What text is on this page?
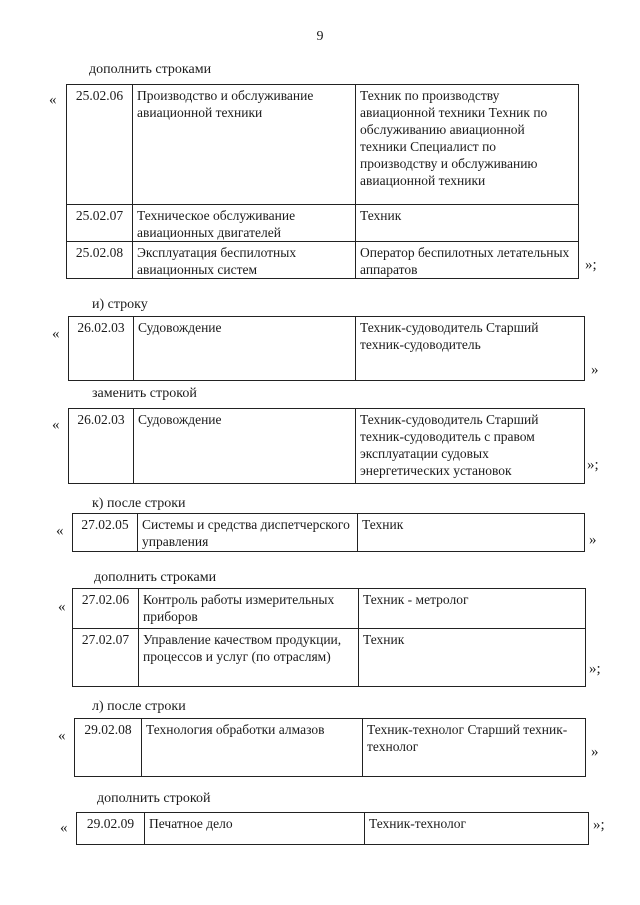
9
дополнить строками
« 25.02.06	Производство и обслуживание авиационной техники	Техник по производству авиационной техники Техник по обслуживанию авиационной техники Специалист по производству и обслуживанию авиационной техники
25.02.07	Техническое обслуживание авиационных двигателей	Техник
25.02.08	Эксплуатация беспилотных авиационных систем	Оператор беспилотных летательных аппаратов	»;
и) строку
« 26.02.03	Судовождение	Техник-судоводитель Старший техник-судоводитель
»
заменить строкой
« 26.02.03	Судовождение	Техник-судоводитель Старший техник-судоводитель с правом эксплуатации судовых энергетических установок	»;
к) после строки
« 27.02.05	Системы и средства диспетчерского управления	Техник
»
дополнить строками
« 27.02.06	Контроль работы измерительных приборов	Техник - метролог
27.02.07	Управление качеством продукции, процессов и услуг (по отраслям)	Техник
»;
л) после строки
« 29.02.08	Технология обработки алмазов	Техник-технолог Старший техник-технолог	»
дополнить строкой
« 29.02.09	Печатное дело	Техник-технолог	»;
